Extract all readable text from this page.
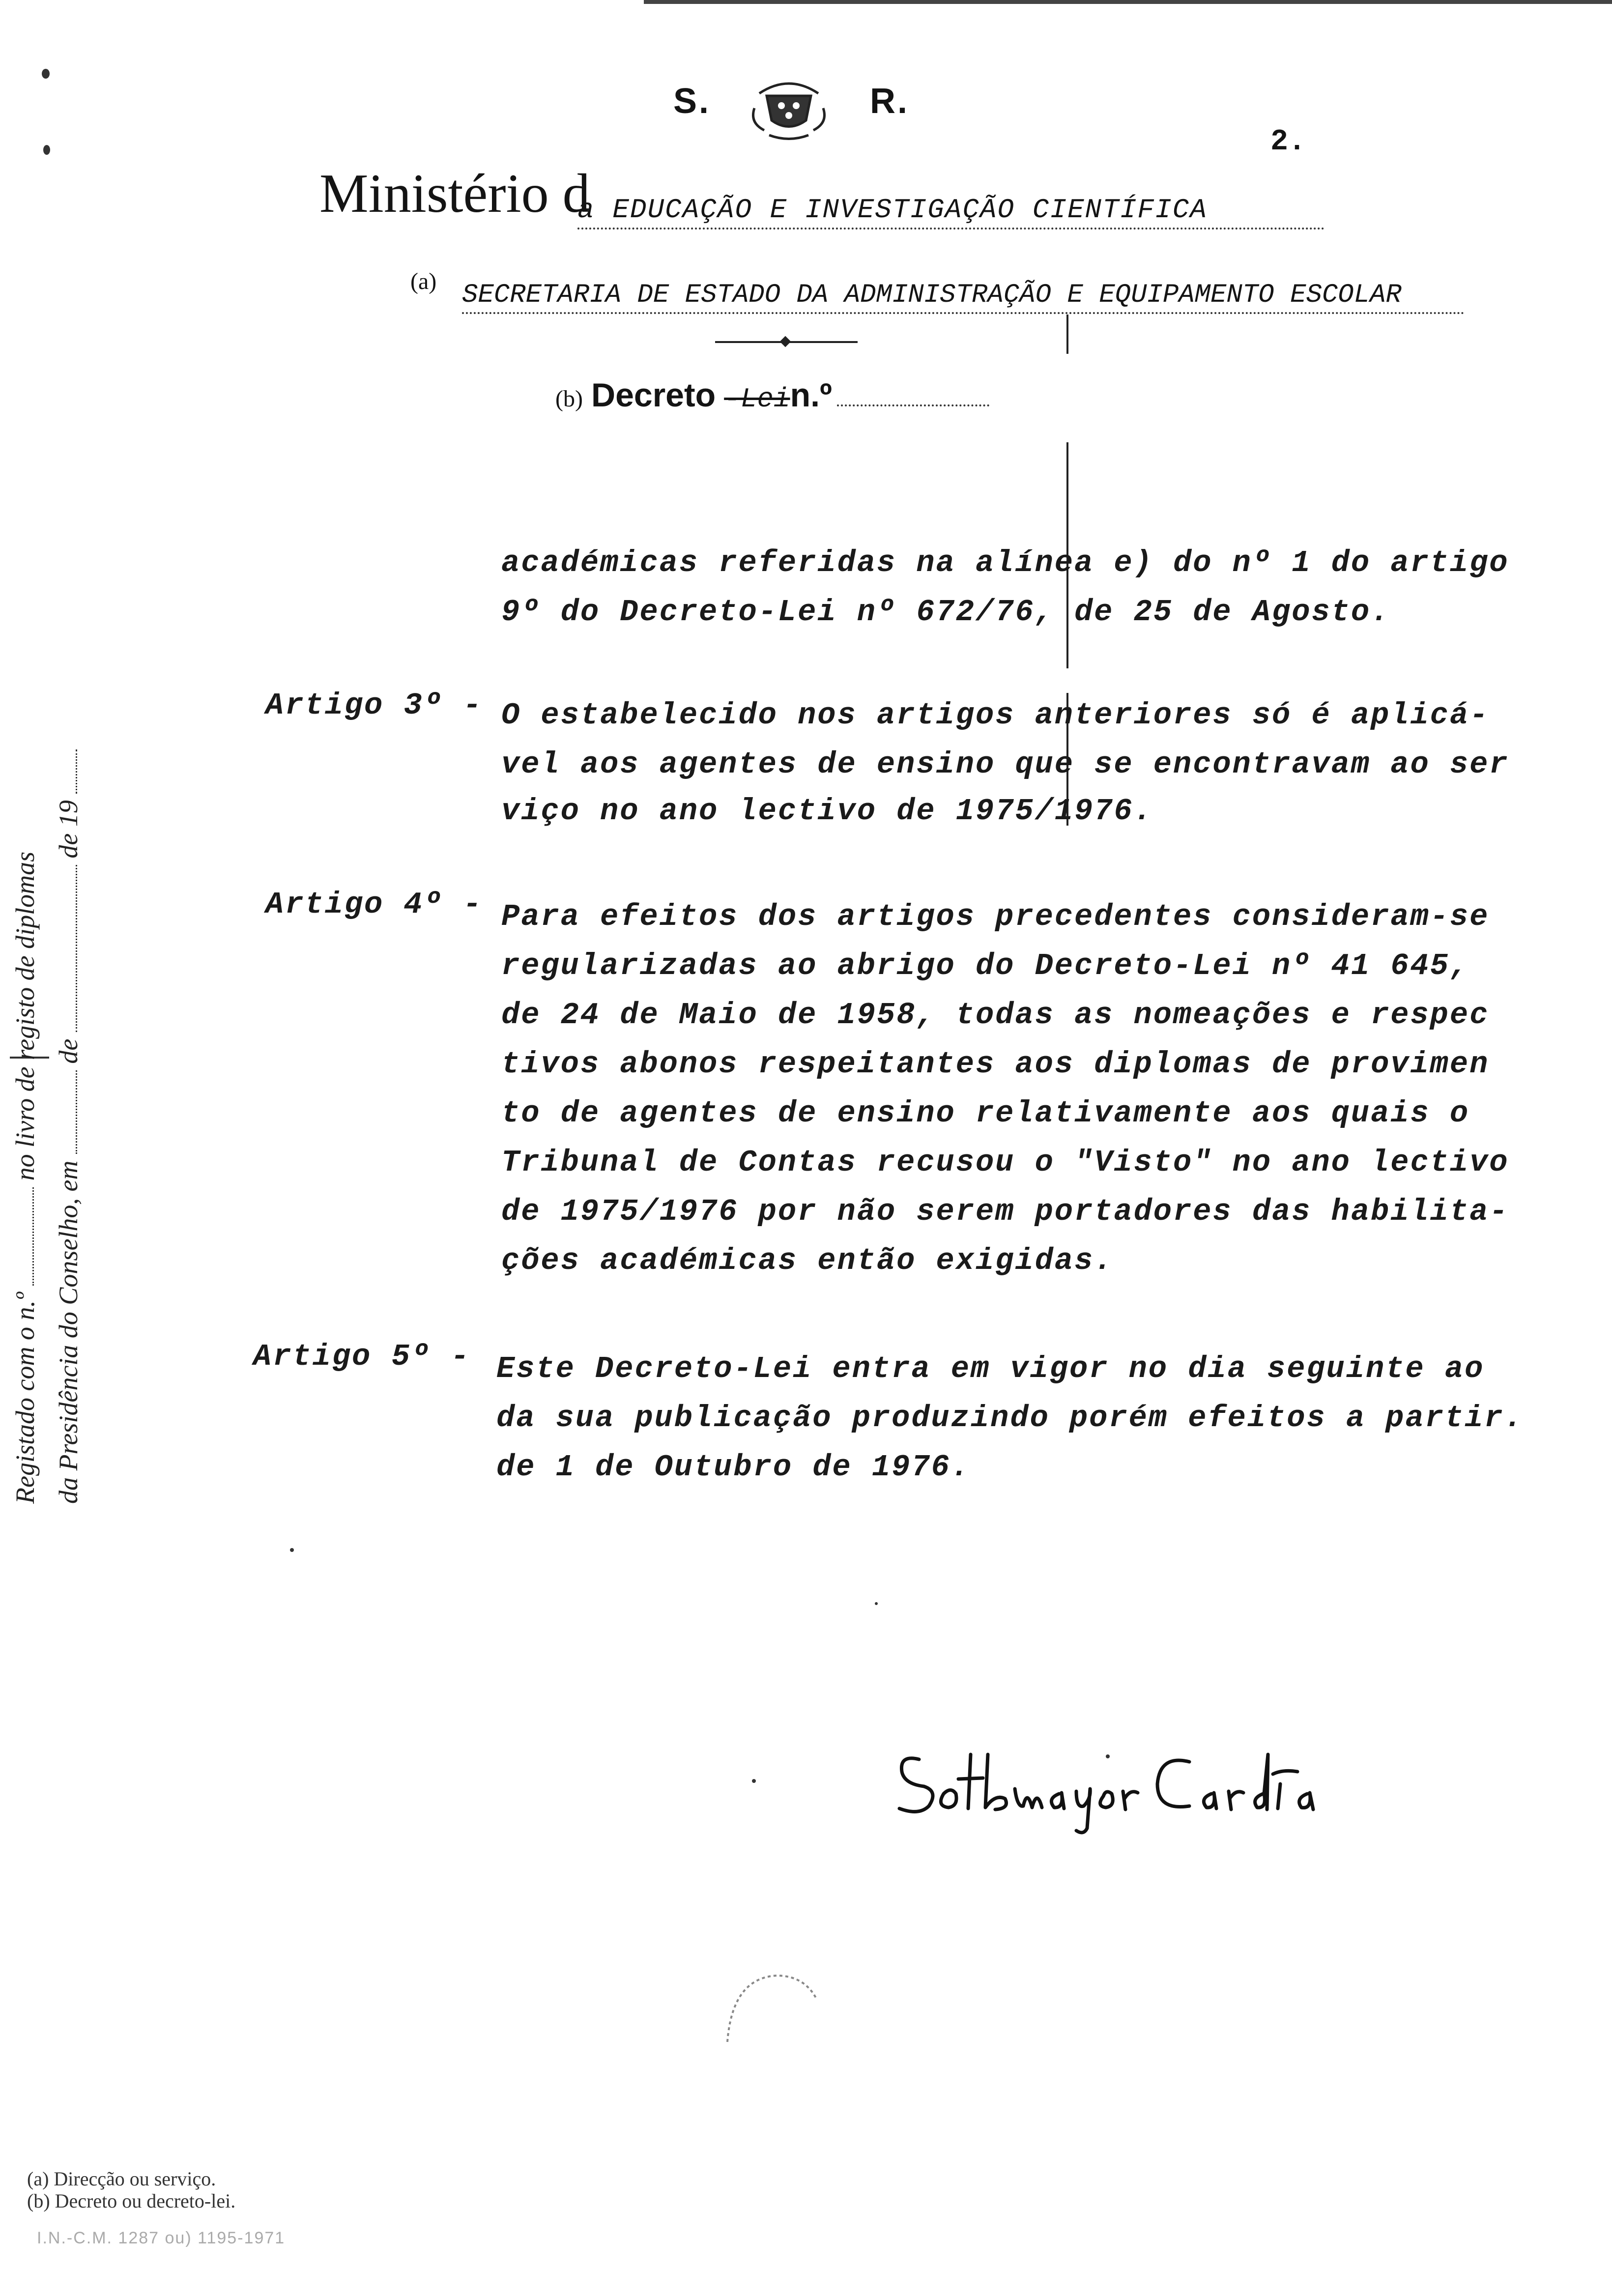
S.	R.
2.
Ministério d
a EDUCAÇÃO E INVESTIGAÇÃO CIENTÍFICA
(a) SECRETARIA DE ESTADO DA ADMINISTRAÇÃO E EQUIPAMENTO ESCOLAR
(b) Decreto -Lein.º
académicas referidas na alínea e) do nº 1 do artigo
9º do Decreto-Lei nº 672/76, de 25 de Agosto.
Artigo 3º - O estabelecido nos artigos anteriores só é aplicá-
vel aos agentes de ensino que se encontravam ao ser
viço no ano lectivo de 1975/1976.
Artigo 4º - Para efeitos dos artigos precedentes consideram-se
regularizadas ao abrigo do Decreto-Lei nº 41 645,
de 24 de Maio de 1958, todas as nomeações e respec
tivos abonos respeitantes aos diplomas de provimen
to de agentes de ensino relativamente aos quais o
Tribunal de Contas recusou o "Visto" no ano lectivo
de 1975/1976 por não serem portadores das habilita-
ções académicas então exigidas.
Artigo 5º - Este Decreto-Lei entra em vigor no dia seguinte ao
da sua publicação produzindo porém efeitos a partir.
de 1 de Outubro de 1976.
Registado com o n.º  no livro de registo de diplomas
da Presidência do Conselho, em  de  de 19
(a) Direcção ou serviço.
(b) Decreto ou decreto-lei.
I.N.-C.M. 1287 ou) 1195-1971
